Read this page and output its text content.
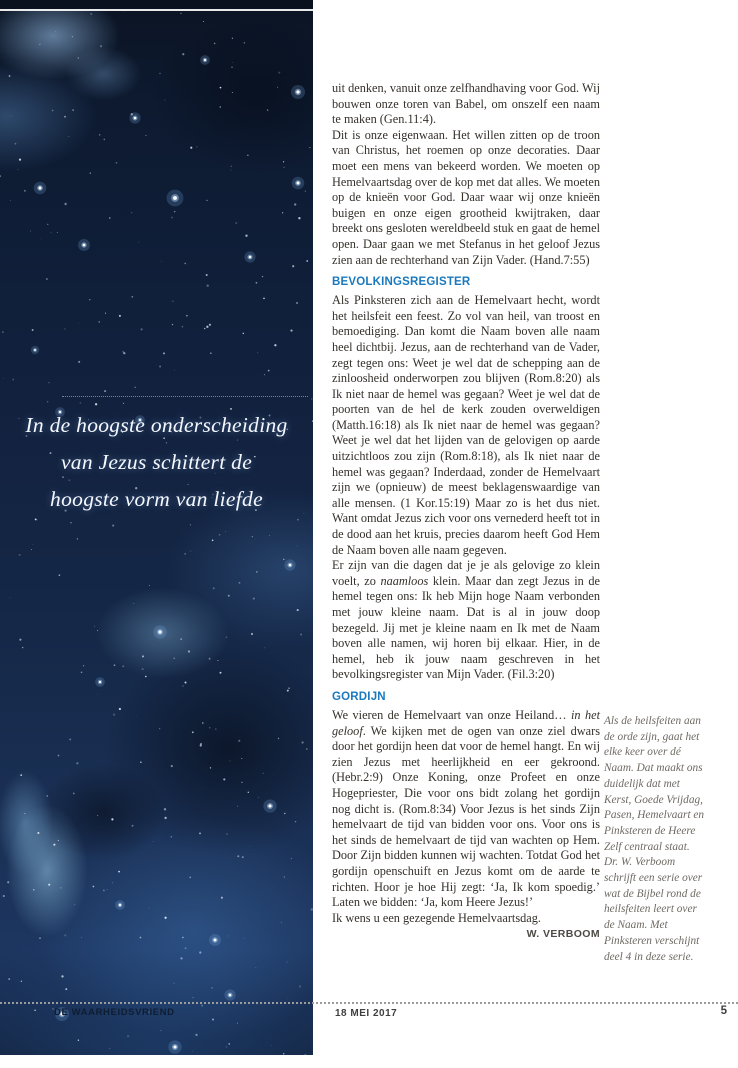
In de hoogste onderscheiding
van Jezus schittert de
hoogste vorm van liefde
DE WAARHEIDSVRIEND

uit denken, vanuit onze zelfhandhaving voor God. Wij bouwen onze toren van Babel, om onszelf een naam te maken (Gen.11:4).

Dit is onze eigenwaan. Het willen zitten op de troon van Christus, het roemen op onze decoraties. Daar moet een mens van bekeerd worden. We moeten op Hemelvaartsdag over de kop met dat alles. We moeten op de knieën voor God. Daar waar wij onze knieën buigen en onze eigen grootheid kwijtraken, daar breekt ons gesloten wereldbeeld stuk en gaat de hemel open. Daar gaan we met Stefanus in het geloof Jezus zien aan de rechterhand van Zijn Vader. (Hand.7:55)

BEVOLKINGSREGISTER

Als Pinksteren zich aan de Hemelvaart hecht, wordt het heilsfeit een feest. Zo vol van heil, van troost en bemoediging. Dan komt die Naam boven alle naam heel dichtbij. Jezus, aan de rechterhand van de Vader, zegt tegen ons: Weet je wel dat de schepping aan de zinloosheid onderworpen zou blijven (Rom.8:20) als Ik niet naar de hemel was gegaan? Weet je wel dat de poorten van de hel de kerk zouden overweldigen (Matth.16:18) als Ik niet naar de hemel was gegaan? Weet je wel dat het lijden van de gelovigen op aarde uitzichtloos zou zijn (Rom.8:18), als Ik niet naar de hemel was gegaan? Inderdaad, zonder de Hemelvaart zijn we (opnieuw) de meest beklagenswaardige van alle mensen. (1 Kor.15:19) Maar zo is het dus niet. Want omdat Jezus zich voor ons vernederd heeft tot in de dood aan het kruis, precies daarom heeft God Hem de Naam boven alle naam gegeven.

Er zijn van die dagen dat je je als gelovige zo klein voelt, zo naamloos klein. Maar dan zegt Jezus in de hemel tegen ons: Ik heb Mijn hoge Naam verbonden met jouw kleine naam. Dat is al in jouw doop bezegeld. Jij met je kleine naam en Ik met de Naam boven alle namen, wij horen bij elkaar. Hier, in de hemel, heb ik jouw naam geschreven in het bevolkingsregister van Mijn Vader. (Fil.3:20)

GORDIJN

We vieren de Hemelvaart van onze Heiland… in het geloof. We kijken met de ogen van onze ziel dwars door het gordijn heen dat voor de hemel hangt. En wij zien Jezus met heerlijkheid en eer gekroond. (Hebr.2:9) Onze Koning, onze Profeet en onze Hogepriester, Die voor ons bidt zolang het gordijn nog dicht is. (Rom.8:34) Voor Jezus is het sinds Zijn hemelvaart de tijd van bidden voor ons. Voor ons is het sinds de hemelvaart de tijd van wachten op Hem. Door Zijn bidden kunnen wij wachten. Totdat God het gordijn openschuift en Jezus komt om de aarde te richten. Hoor je hoe Hij zegt: ‘Ja, Ik kom spoedig.’ Laten we bidden: ‘Ja, kom Heere Jezus!’

Ik wens u een gezegende Hemelvaartsdag.

W. VERBOOM

Als de heilsfeiten aan de orde zijn, gaat het elke keer over dé Naam. Dat maakt ons duidelijk dat met Kerst, Goede Vrijdag, Pasen, Hemelvaart en Pinksteren de Heere Zelf centraal staat. Dr. W. Verboom schrijft een serie over wat de Bijbel rond de heilsfeiten leert over de Naam. Met Pinksteren verschijnt deel 4 in deze serie.
18 MEI 2017	5
